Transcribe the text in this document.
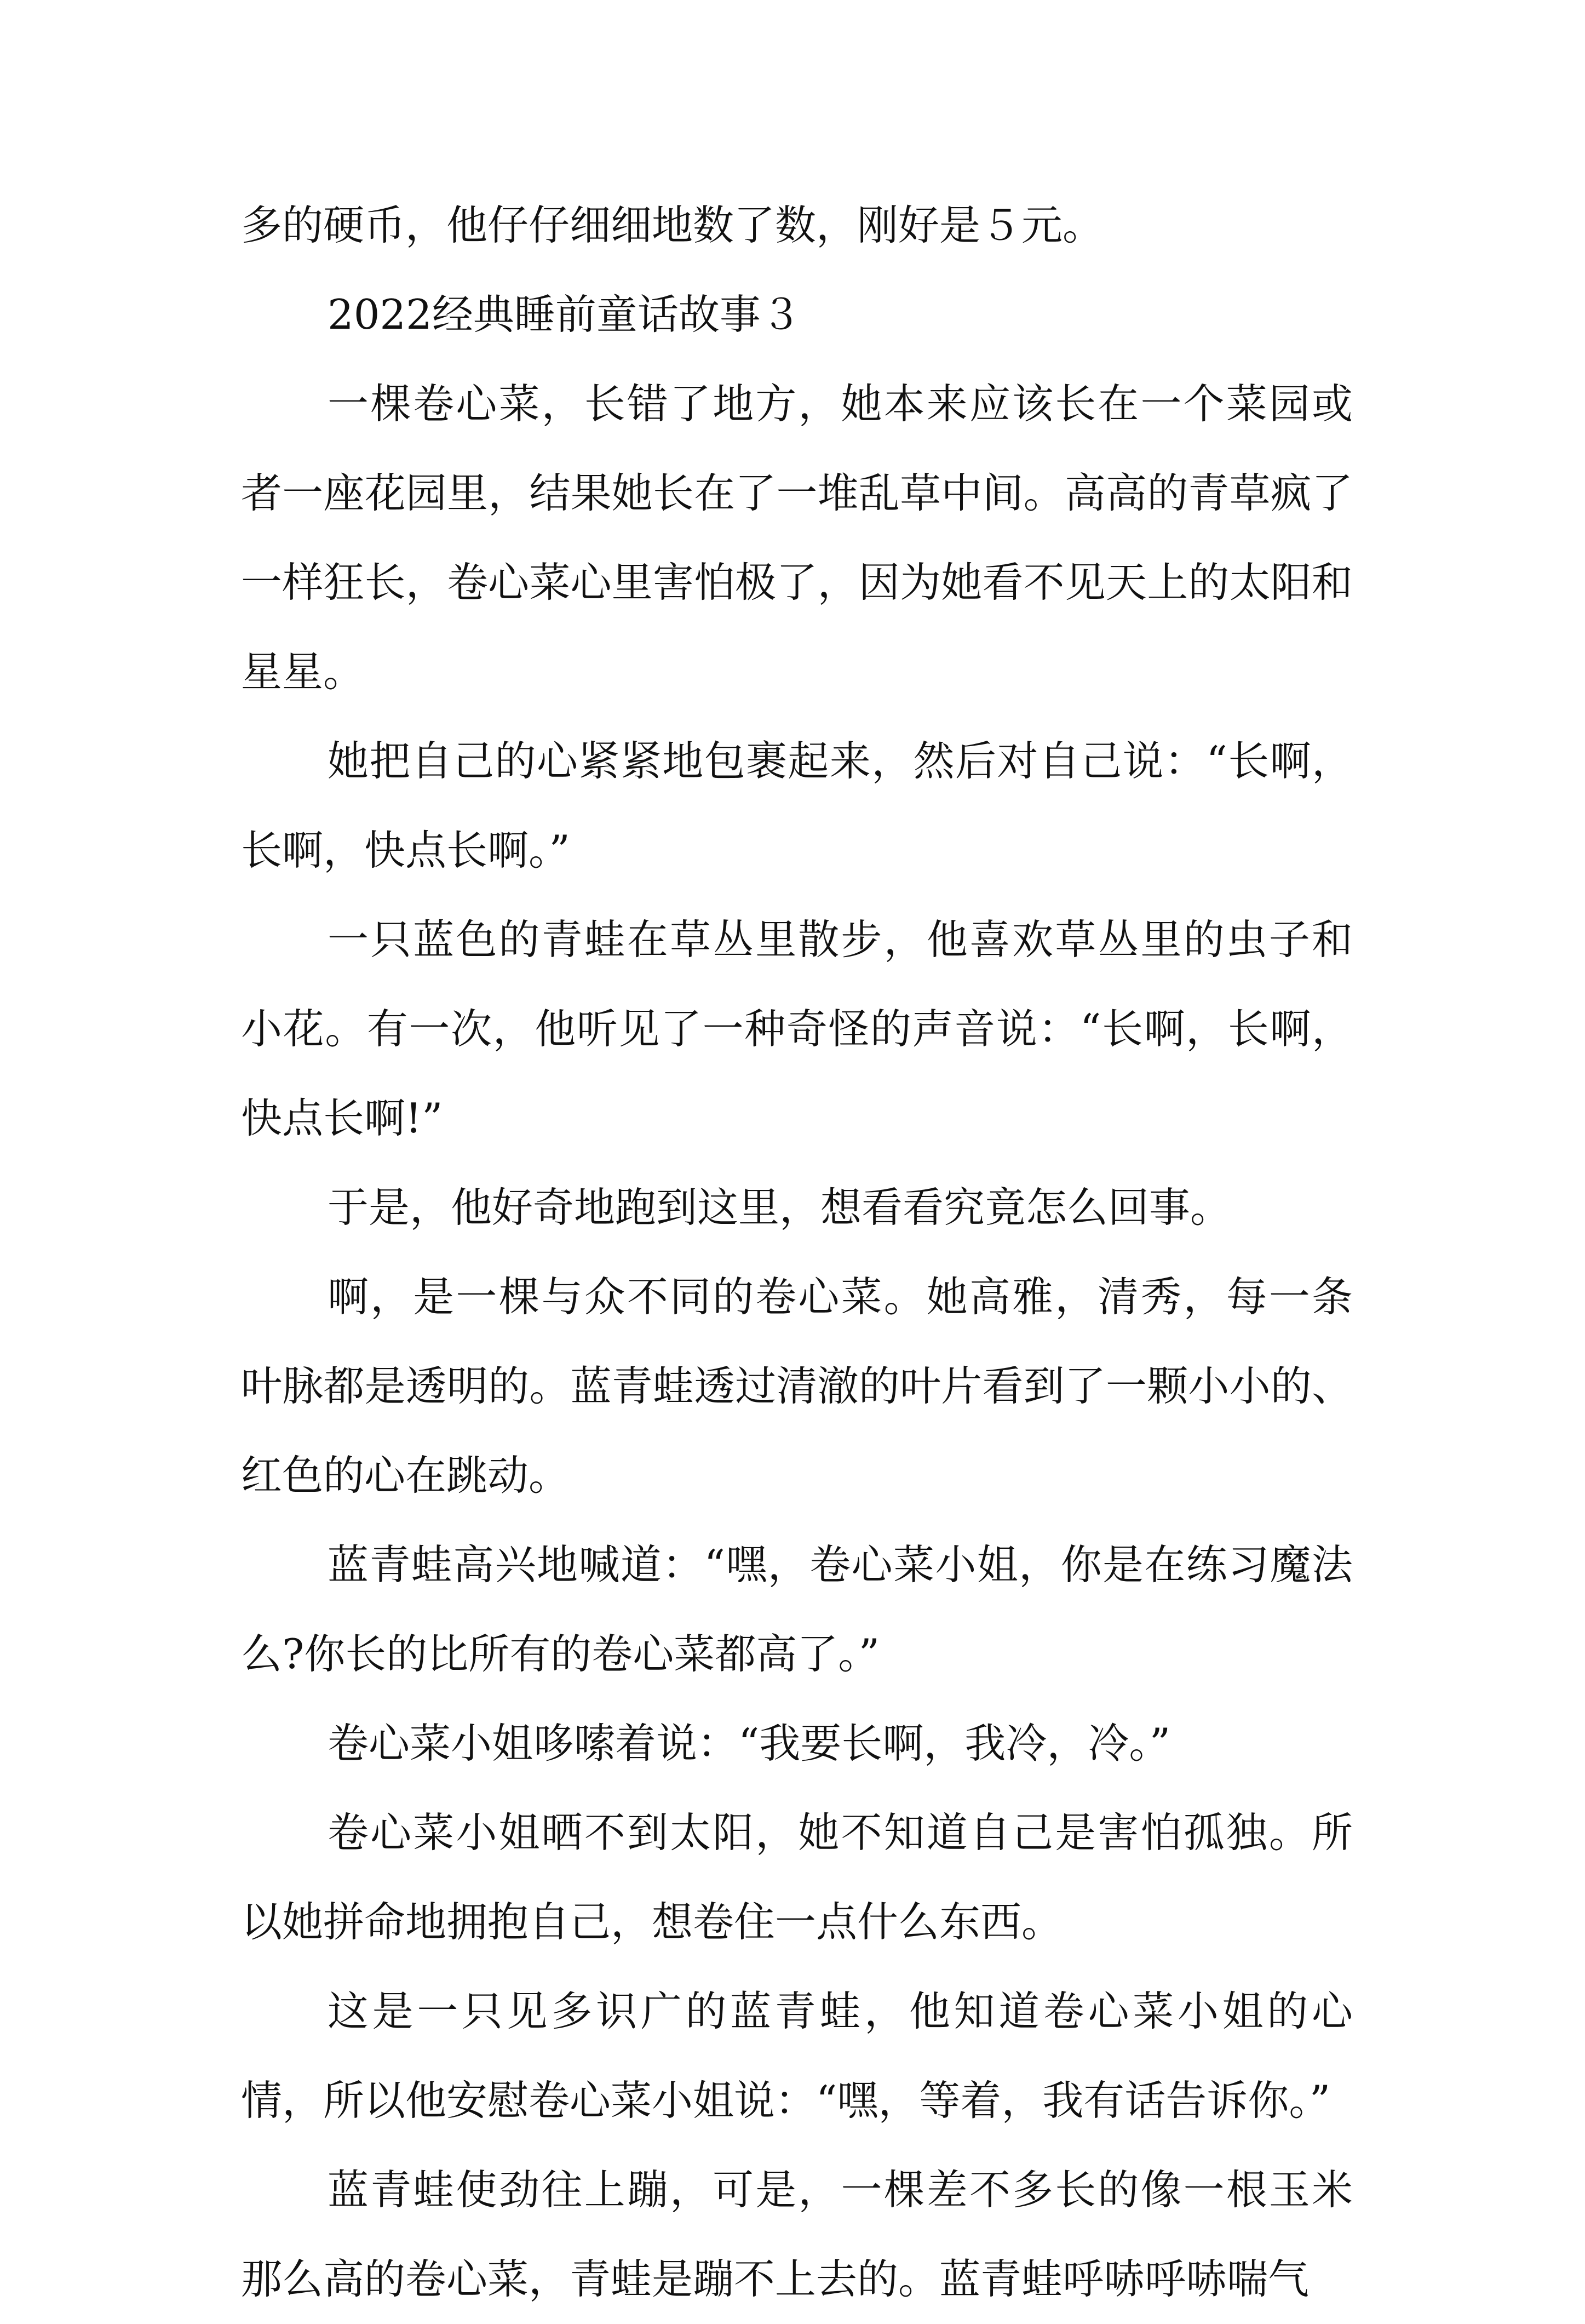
多的硬币，他仔仔细细地数了数，刚好是５元。

2022经典睡前童话故事３

一棵卷心菜，长错了地方，她本来应该长在一个菜园或者一座花园里，结果她长在了一堆乱草中间。高高的青草疯了一样狂长，卷心菜心里害怕极了，因为她看不见天上的太阳和星星。

她把自己的心紧紧地包裹起来，然后对自己说：“长啊，长啊，快点长啊。”

一只蓝色的青蛙在草丛里散步，他喜欢草丛里的虫子和小花。有一次，他听见了一种奇怪的声音说：“长啊，长啊，快点长啊!”

于是，他好奇地跑到这里，想看看究竟怎么回事。

啊，是一棵与众不同的卷心菜。她高雅，清秀，每一条叶脉都是透明的。蓝青蛙透过清澈的叶片看到了一颗小小的、红色的心在跳动。

蓝青蛙高兴地喊道：“嘿，卷心菜小姐，你是在练习魔法么?你长的比所有的卷心菜都高了。”

卷心菜小姐哆嗦着说：“我要长啊，我冷，冷。”

卷心菜小姐晒不到太阳，她不知道自己是害怕孤独。所以她拼命地拥抱自己，想卷住一点什么东西。

这是一只见多识广的蓝青蛙，他知道卷心菜小姐的心情，所以他安慰卷心菜小姐说：“嘿，等着，我有话告诉你。”

蓝青蛙使劲往上蹦，可是，一棵差不多长的像一根玉米那么高的卷心菜，青蛙是蹦不上去的。蓝青蛙呼哧呼哧喘气
